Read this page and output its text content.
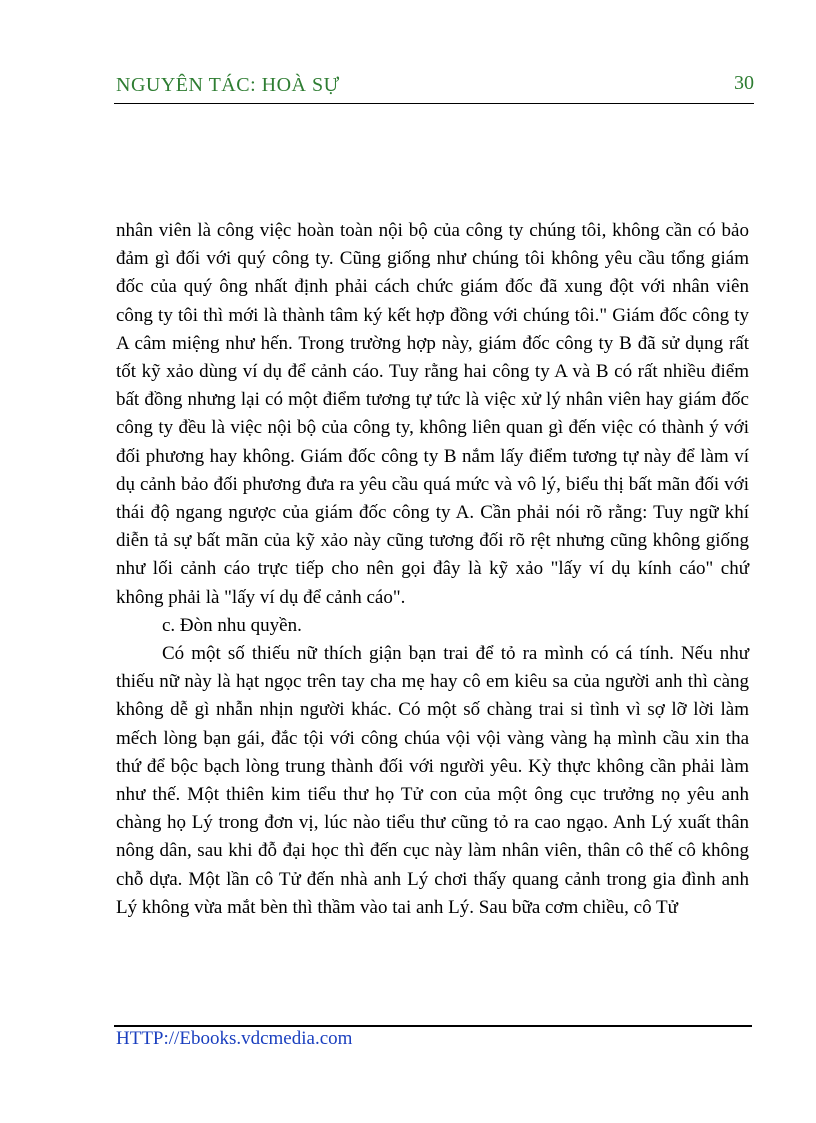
NGUYÊN TÁC: HOÀ SỰ	30

nhân viên là công việc hoàn toàn nội bộ của công ty chúng tôi, không cần có bảo đảm gì đối với quý công ty. Cũng giống như chúng tôi không yêu cầu tổng giám đốc của quý ông nhất định phải cách chức giám đốc đã xung đột với nhân viên công ty tôi thì mới là thành tâm ký kết hợp đồng với chúng tôi." Giám đốc công ty A câm miệng như hến. Trong trường hợp này, giám đốc công ty B đã sử dụng rất tốt kỹ xảo dùng ví dụ để cảnh cáo. Tuy rằng hai công ty A và B có rất nhiều điểm bất đồng nhưng lại có một điểm tương tự tức là việc xử lý nhân viên hay giám đốc công ty đều là việc nội bộ của công ty, không liên quan gì đến việc có thành ý với đối phương hay không. Giám đốc công ty B nắm lấy điểm tương tự này để làm ví dụ cảnh bảo đối phương đưa ra yêu cầu quá mức và vô lý, biểu thị bất mãn đối với thái độ ngang ngược của giám đốc công ty A. Cần phải nói rõ rằng: Tuy ngữ khí diễn tả sự bất mãn của kỹ xảo này cũng tương đối rõ rệt nhưng cũng không giống như lối cảnh cáo trực tiếp cho nên gọi đây là kỹ xảo "lấy ví dụ kính cáo" chứ không phải là "lấy ví dụ để cảnh cáo".

c. Đòn nhu quyền.

Có một số thiếu nữ thích giận bạn trai để tỏ ra mình có cá tính. Nếu như thiếu nữ này là hạt ngọc trên tay cha mẹ hay cô em kiêu sa của người anh thì càng không dễ gì nhẫn nhịn người khác. Có một số chàng trai si tình vì sợ lỡ lời làm mếch lòng bạn gái, đắc tội với công chúa vội vội vàng vàng hạ mình cầu xin tha thứ để bộc bạch lòng trung thành đối với người yêu. Kỳ thực không cần phải làm như thế. Một thiên kim tiểu thư họ Tử con của một ông cục trưởng nọ yêu anh chàng họ Lý trong đơn vị, lúc nào tiểu thư cũng tỏ ra cao ngạo. Anh Lý xuất thân nông dân, sau khi đỗ đại học thì đến cục này làm nhân viên, thân cô thế cô không chỗ dựa. Một lần cô Tử đến nhà anh Lý chơi thấy quang cảnh trong gia đình anh Lý không vừa mắt bèn thì thầm vào tai anh Lý. Sau bữa cơm chiều, cô Tử

HTTP://Ebooks.vdcmedia.com
